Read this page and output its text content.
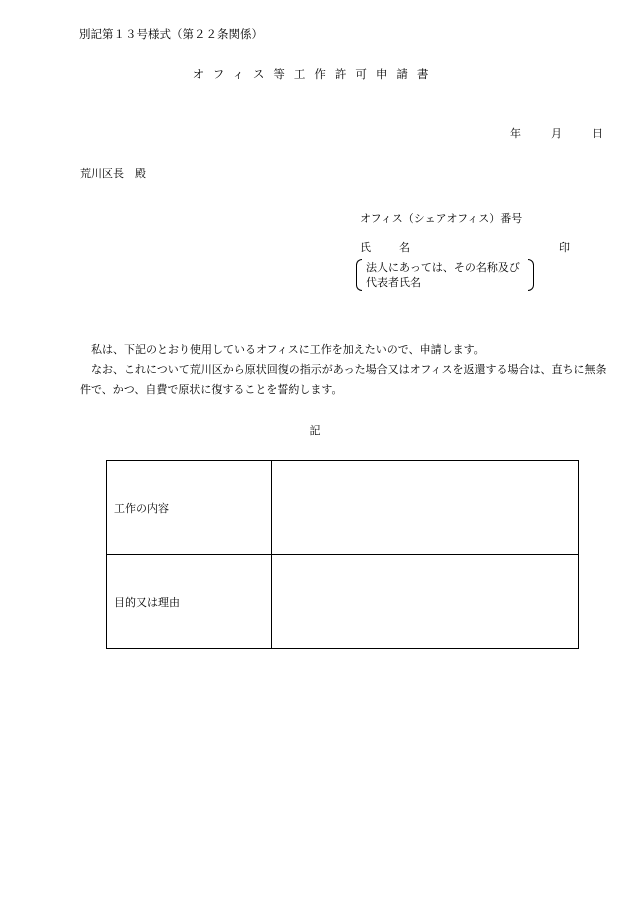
別記第１３号様式（第２２条関係）
オフィス等工作許可申請書
年	月	日
荒川区長　殿
オフィス（シェアオフィス）番号
氏	名	印
法人にあっては、その名称及び
代表者氏名

私は、下記のとおり使用しているオフィスに工作を加えたいので、申請します。

なお、これについて荒川区から原状回復の指示があった場合又はオフィスを返還する場合は、直ちに無条件で、かつ、自費で原状に復することを誓約します。

記
工作の内容	
目的又は理由	
